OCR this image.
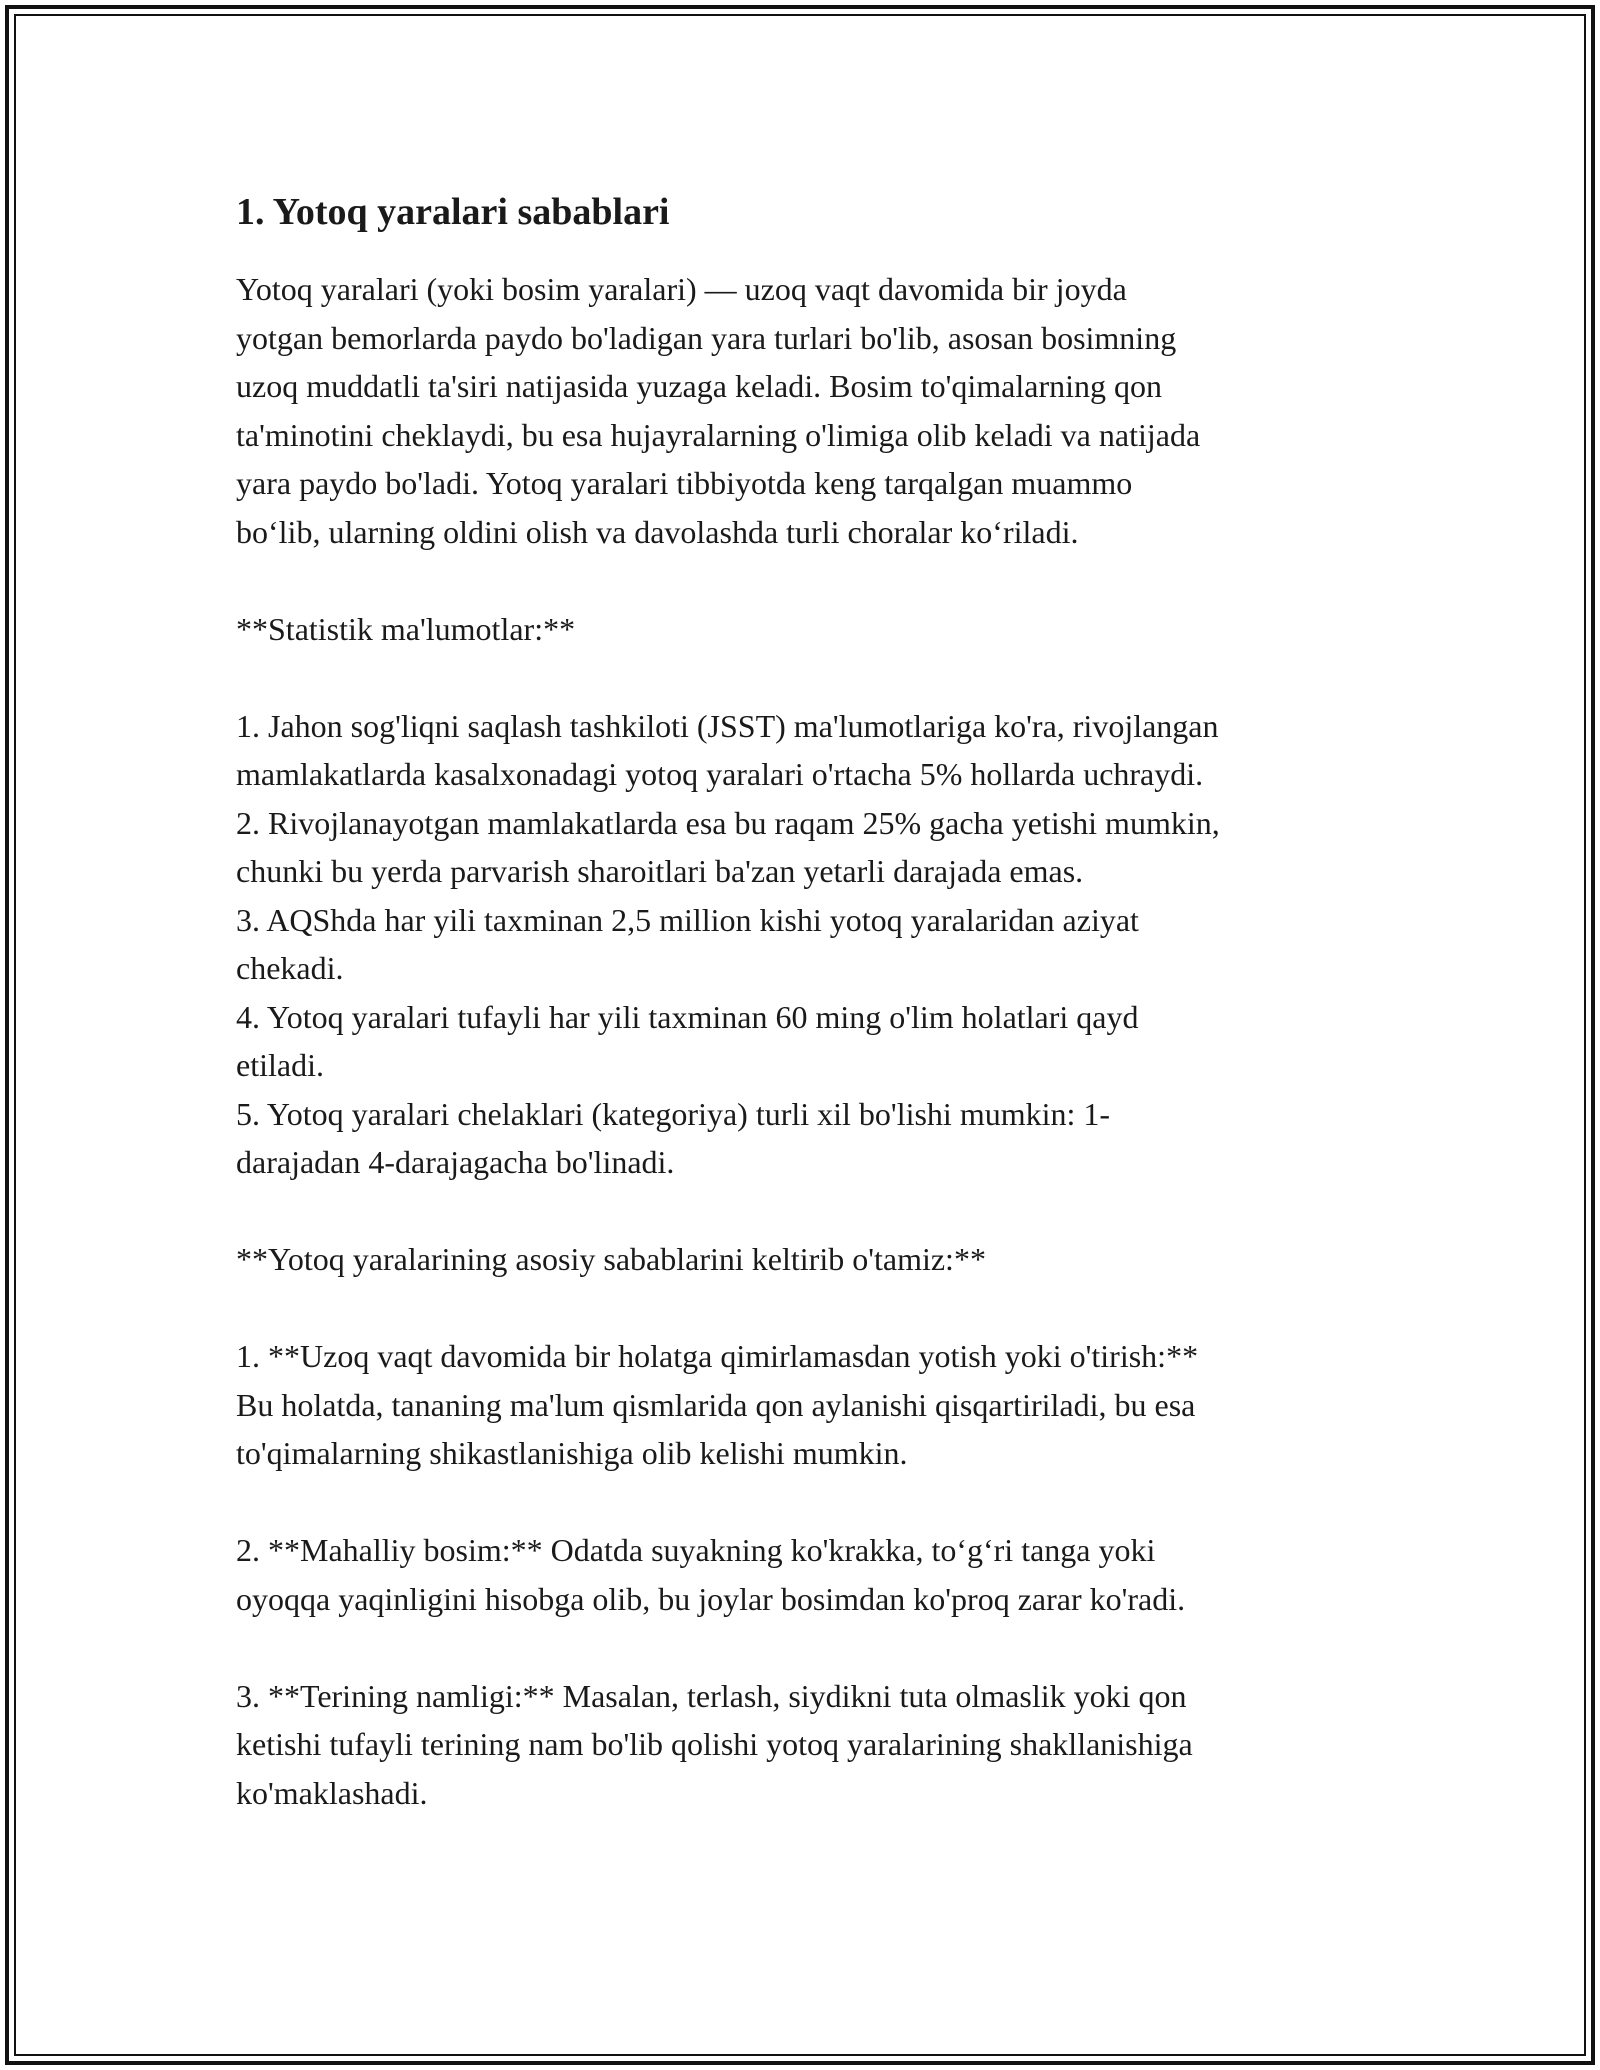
1. Yotoq yaralari sabablari

Yotoq yaralari (yoki bosim yaralari) — uzoq vaqt davomida bir joyda

yotgan bemorlarda paydo bo'ladigan yara turlari bo'lib, asosan bosimning

uzoq muddatli ta'siri natijasida yuzaga keladi. Bosim to'qimalarning qon

ta'minotini cheklaydi, bu esa hujayralarning o'limiga olib keladi va natijada

yara paydo bo'ladi. Yotoq yaralari tibbiyotda keng tarqalgan muammo

bo‘lib, ularning oldini olish va davolashda turli choralar ko‘riladi.

**Statistik ma'lumotlar:**

1. Jahon sog'liqni saqlash tashkiloti (JSST) ma'lumotlariga ko'ra, rivojlangan

mamlakatlarda kasalxonadagi yotoq yaralari o'rtacha 5% hollarda uchraydi.

2. Rivojlanayotgan mamlakatlarda esa bu raqam 25% gacha yetishi mumkin,

chunki bu yerda parvarish sharoitlari ba'zan yetarli darajada emas.

3. AQShda har yili taxminan 2,5 million kishi yotoq yaralaridan aziyat

chekadi.

4. Yotoq yaralari tufayli har yili taxminan 60 ming o'lim holatlari qayd

etiladi.

5. Yotoq yaralari chelaklari (kategoriya) turli xil bo'lishi mumkin: 1-

darajadan 4-darajagacha bo'linadi.

**Yotoq yaralarining asosiy sabablarini keltirib o'tamiz:**

1. **Uzoq vaqt davomida bir holatga qimirlamasdan yotish yoki o'tirish:**

Bu holatda, tananing ma'lum qismlarida qon aylanishi qisqartiriladi, bu esa

to'qimalarning shikastlanishiga olib kelishi mumkin.

2. **Mahalliy bosim:** Odatda suyakning ko'krakka, to‘g‘ri tanga yoki

oyoqqa yaqinligini hisobga olib, bu joylar bosimdan ko'proq zarar ko'radi.

3. **Terining namligi:** Masalan, terlash, siydikni tuta olmaslik yoki qon

ketishi tufayli terining nam bo'lib qolishi yotoq yaralarining shakllanishiga

ko'maklashadi.
